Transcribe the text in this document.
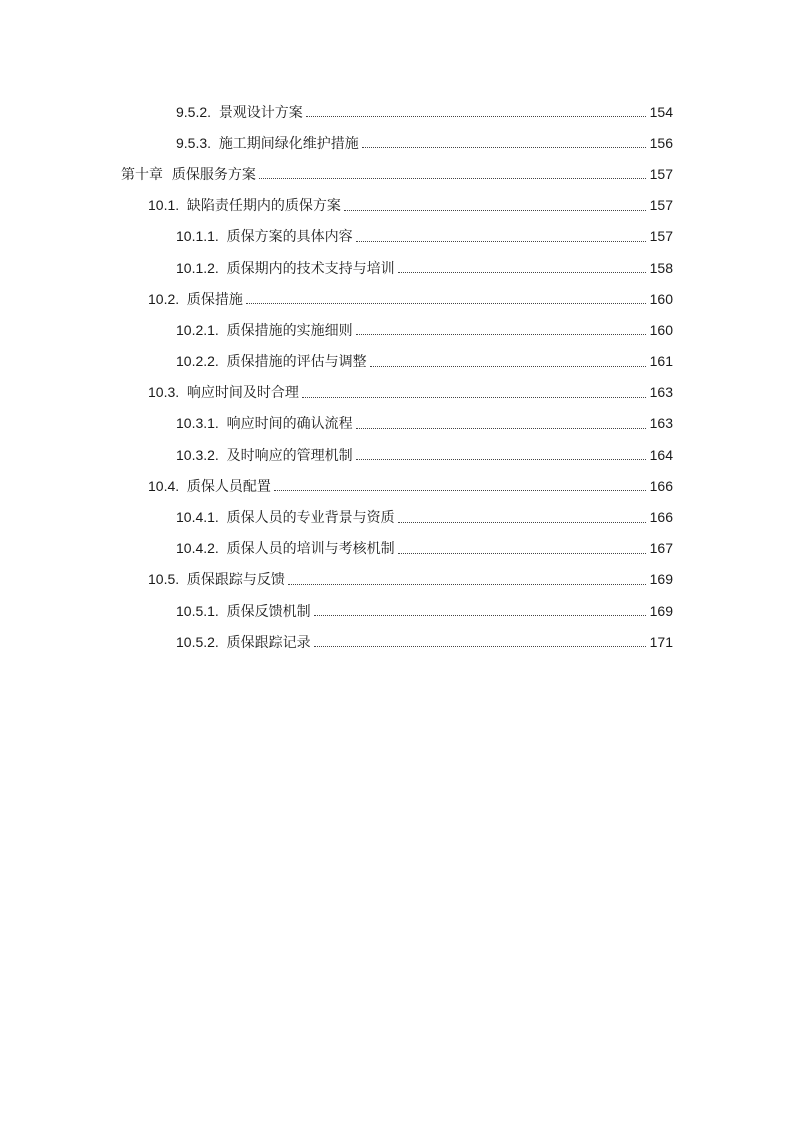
9.5.2. 景观设计方案	154
9.5.3. 施工期间绿化维护措施	156
第十章 质保服务方案	157
10.1. 缺陷责任期内的质保方案	157
10.1.1. 质保方案的具体内容	157
10.1.2. 质保期内的技术支持与培训	158
10.2. 质保措施	160
10.2.1. 质保措施的实施细则	160
10.2.2. 质保措施的评估与调整	161
10.3. 响应时间及时合理	163
10.3.1. 响应时间的确认流程	163
10.3.2. 及时响应的管理机制	164
10.4. 质保人员配置	166
10.4.1. 质保人员的专业背景与资质	166
10.4.2. 质保人员的培训与考核机制	167
10.5. 质保跟踪与反馈	169
10.5.1. 质保反馈机制	169
10.5.2. 质保跟踪记录	171
